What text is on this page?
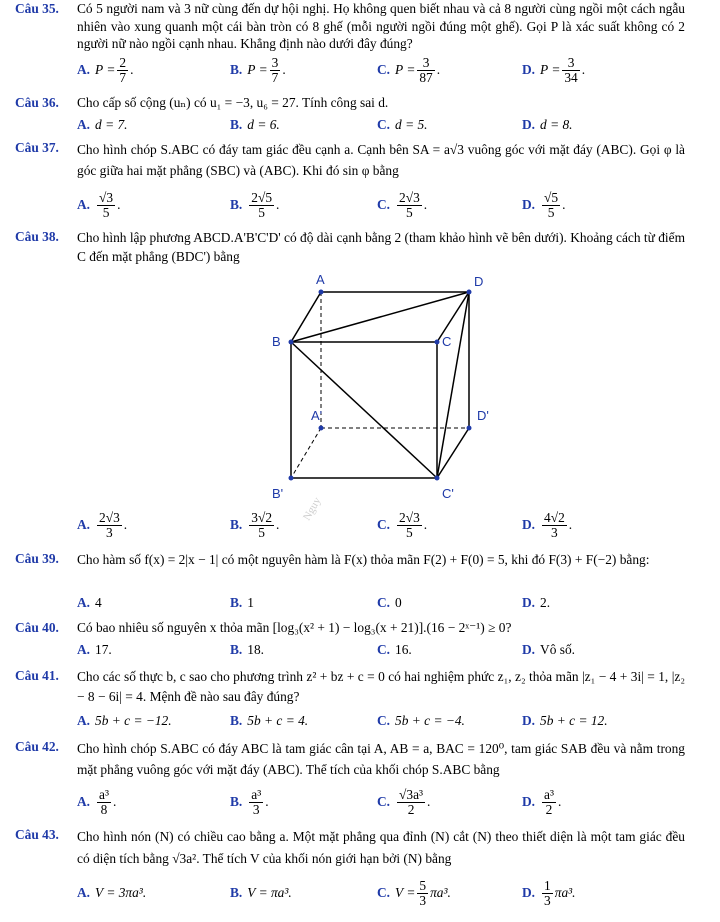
Câu 35. Có 5 người nam và 3 nữ cùng đến dự hội nghị. Họ không quen biết nhau và cả 8 người cùng ngồi một cách ngẫu nhiên vào xung quanh một cái bàn tròn có 8 ghế (mỗi người ngồi đúng một ghế). Gọi P là xác suất không có 2 người nữ nào ngồi cạnh nhau. Khẳng định nào dưới đây đúng?
A. $P = \frac{2}{7}$ .	B. $P = \frac{3}{7}$ .	C. $P = \frac{3}{87}$ .	D. $P = \frac{3}{34}$ .
Câu 36. Cho cấp số cộng (uₙ) có u₁ = −3, u₆ = 27. Tính công sai d.
A. d = 7.	B. d = 6.	C. d = 5.	D. d = 8.
Câu 37. Cho hình chóp S.ABC có đáy tam giác đều cạnh a. Cạnh bên SA = a√3 vuông góc với mặt đáy (ABC). Gọi φ là góc giữa hai mặt phẳng (SBC) và (ABC). Khi đó sin φ bằng
A. $\frac{√3}{5}$ .	B. $\frac{2√5}{5}$ .	C. $\frac{2√3}{5}$ .	D. $\frac{√5}{5}$ .
Câu 38. Cho hình lập phương ABCD.A'B'C'D' có độ dài cạnh bằng 2 (tham khảo hình vẽ bên dưới). Khoảng cách từ điểm C đến mặt phẳng (BDC') bằng
A	D
B	C
A'	D'
B'	C'
Nguy
A. $\frac{2√3}{3}$ .	B. $\frac{3√2}{5}$ .	C. $\frac{2√3}{5}$ .	D. $\frac{4√2}{3}$ .
Câu 39. Cho hàm số f(x) = 2|x − 1| có một nguyên hàm là F(x) thỏa mãn F(2) + F(0) = 5, khi đó F(3) + F(−2) bằng:
A. 4	B. 1	C. 0	D. 2.
Câu 40. Có bao nhiêu số nguyên x thỏa mãn [log₃(x² + 1) − log₃(x + 21)].(16 − 2ˣ⁻¹) ≥ 0?
A. 17.	B. 18.	C. 16.	D. Vô số.
Câu 41. Cho các số thực b, c sao cho phương trình z² + bz + c = 0 có hai nghiệm phức z₁, z₂ thỏa mãn |z₁ − 4 + 3i| = 1, |z₂ − 8 − 6i| = 4. Mệnh đề nào sau đây đúng?
A. 5b + c = −12.	B. 5b + c = 4.	C. 5b + c = −4.	D. 5b + c = 12.
Câu 42. Cho hình chóp S.ABC có đáy ABC là tam giác cân tại A, AB = a, BAC = 120⁰, tam giác SAB đều và nằm trong mặt phẳng vuông góc với mặt đáy (ABC). Thể tích của khối chóp S.ABC bằng
A. $\frac{\text{a³}}{8}$ .	B. $\frac{\text{a³}}{3}$ .	C. $\frac{\text{√3a³}}{2}$ .	D. $\frac{\text{a³}}{2}$ .
Câu 43. Cho hình nón (N) có chiều cao bằng a. Một mặt phẳng qua đỉnh (N) cắt (N) theo thiết diện là một tam giác đều có diện tích bằng √3a². Thể tích V của khối nón giới hạn bởi (N) bằng
A. V = 3πa³.	B. V = πa³.	C. $V = \frac{5}{3} \pi a^3$.	D. $\frac{1}{3} \pi a^3$.
